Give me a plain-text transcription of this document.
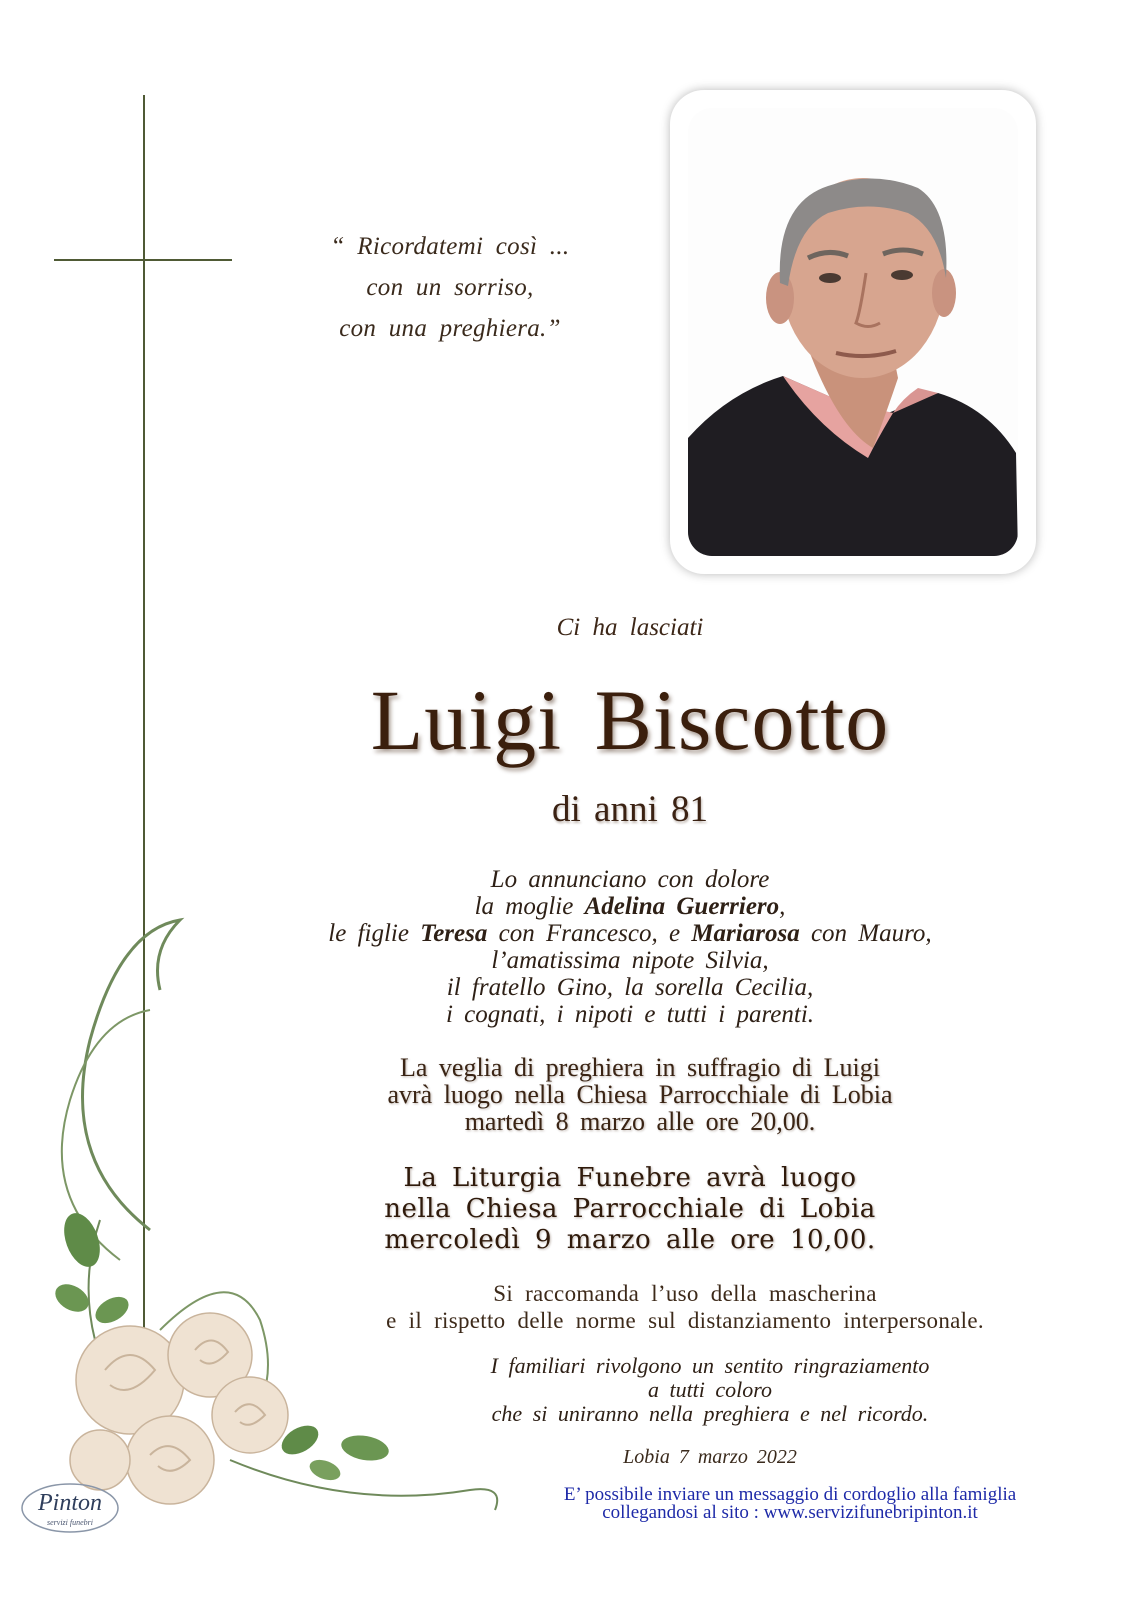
“ Ricordatemi così ...
con un sorriso,
con una preghiera.”
Ci ha lasciati
Luigi Biscotto
di anni 81
Lo annunciano con dolore
la moglie Adelina Guerriero,
le figlie Teresa con Francesco, e Mariarosa con Mauro,
l’amatissima nipote Silvia,
il fratello Gino, la sorella Cecilia,
i cognati, i nipoti e tutti i parenti.
La veglia di preghiera in suffragio di Luigi
avrà luogo nella Chiesa Parrocchiale di Lobia
martedì 8 marzo alle ore 20,00.
La Liturgia Funebre avrà luogo
nella Chiesa Parrocchiale di Lobia
mercoledì 9 marzo alle ore 10,00.
Si raccomanda l’uso della mascherina
e il rispetto delle norme sul distanziamento interpersonale.
I familiari rivolgono un sentito ringraziamento
a tutti coloro
che si uniranno nella preghiera e nel ricordo.
Lobia 7 marzo 2022
E’ possibile inviare un messaggio di cordoglio alla famiglia
collegandosi al sito : www.servizifunebripinton.it
Pinton
servizi funebri
